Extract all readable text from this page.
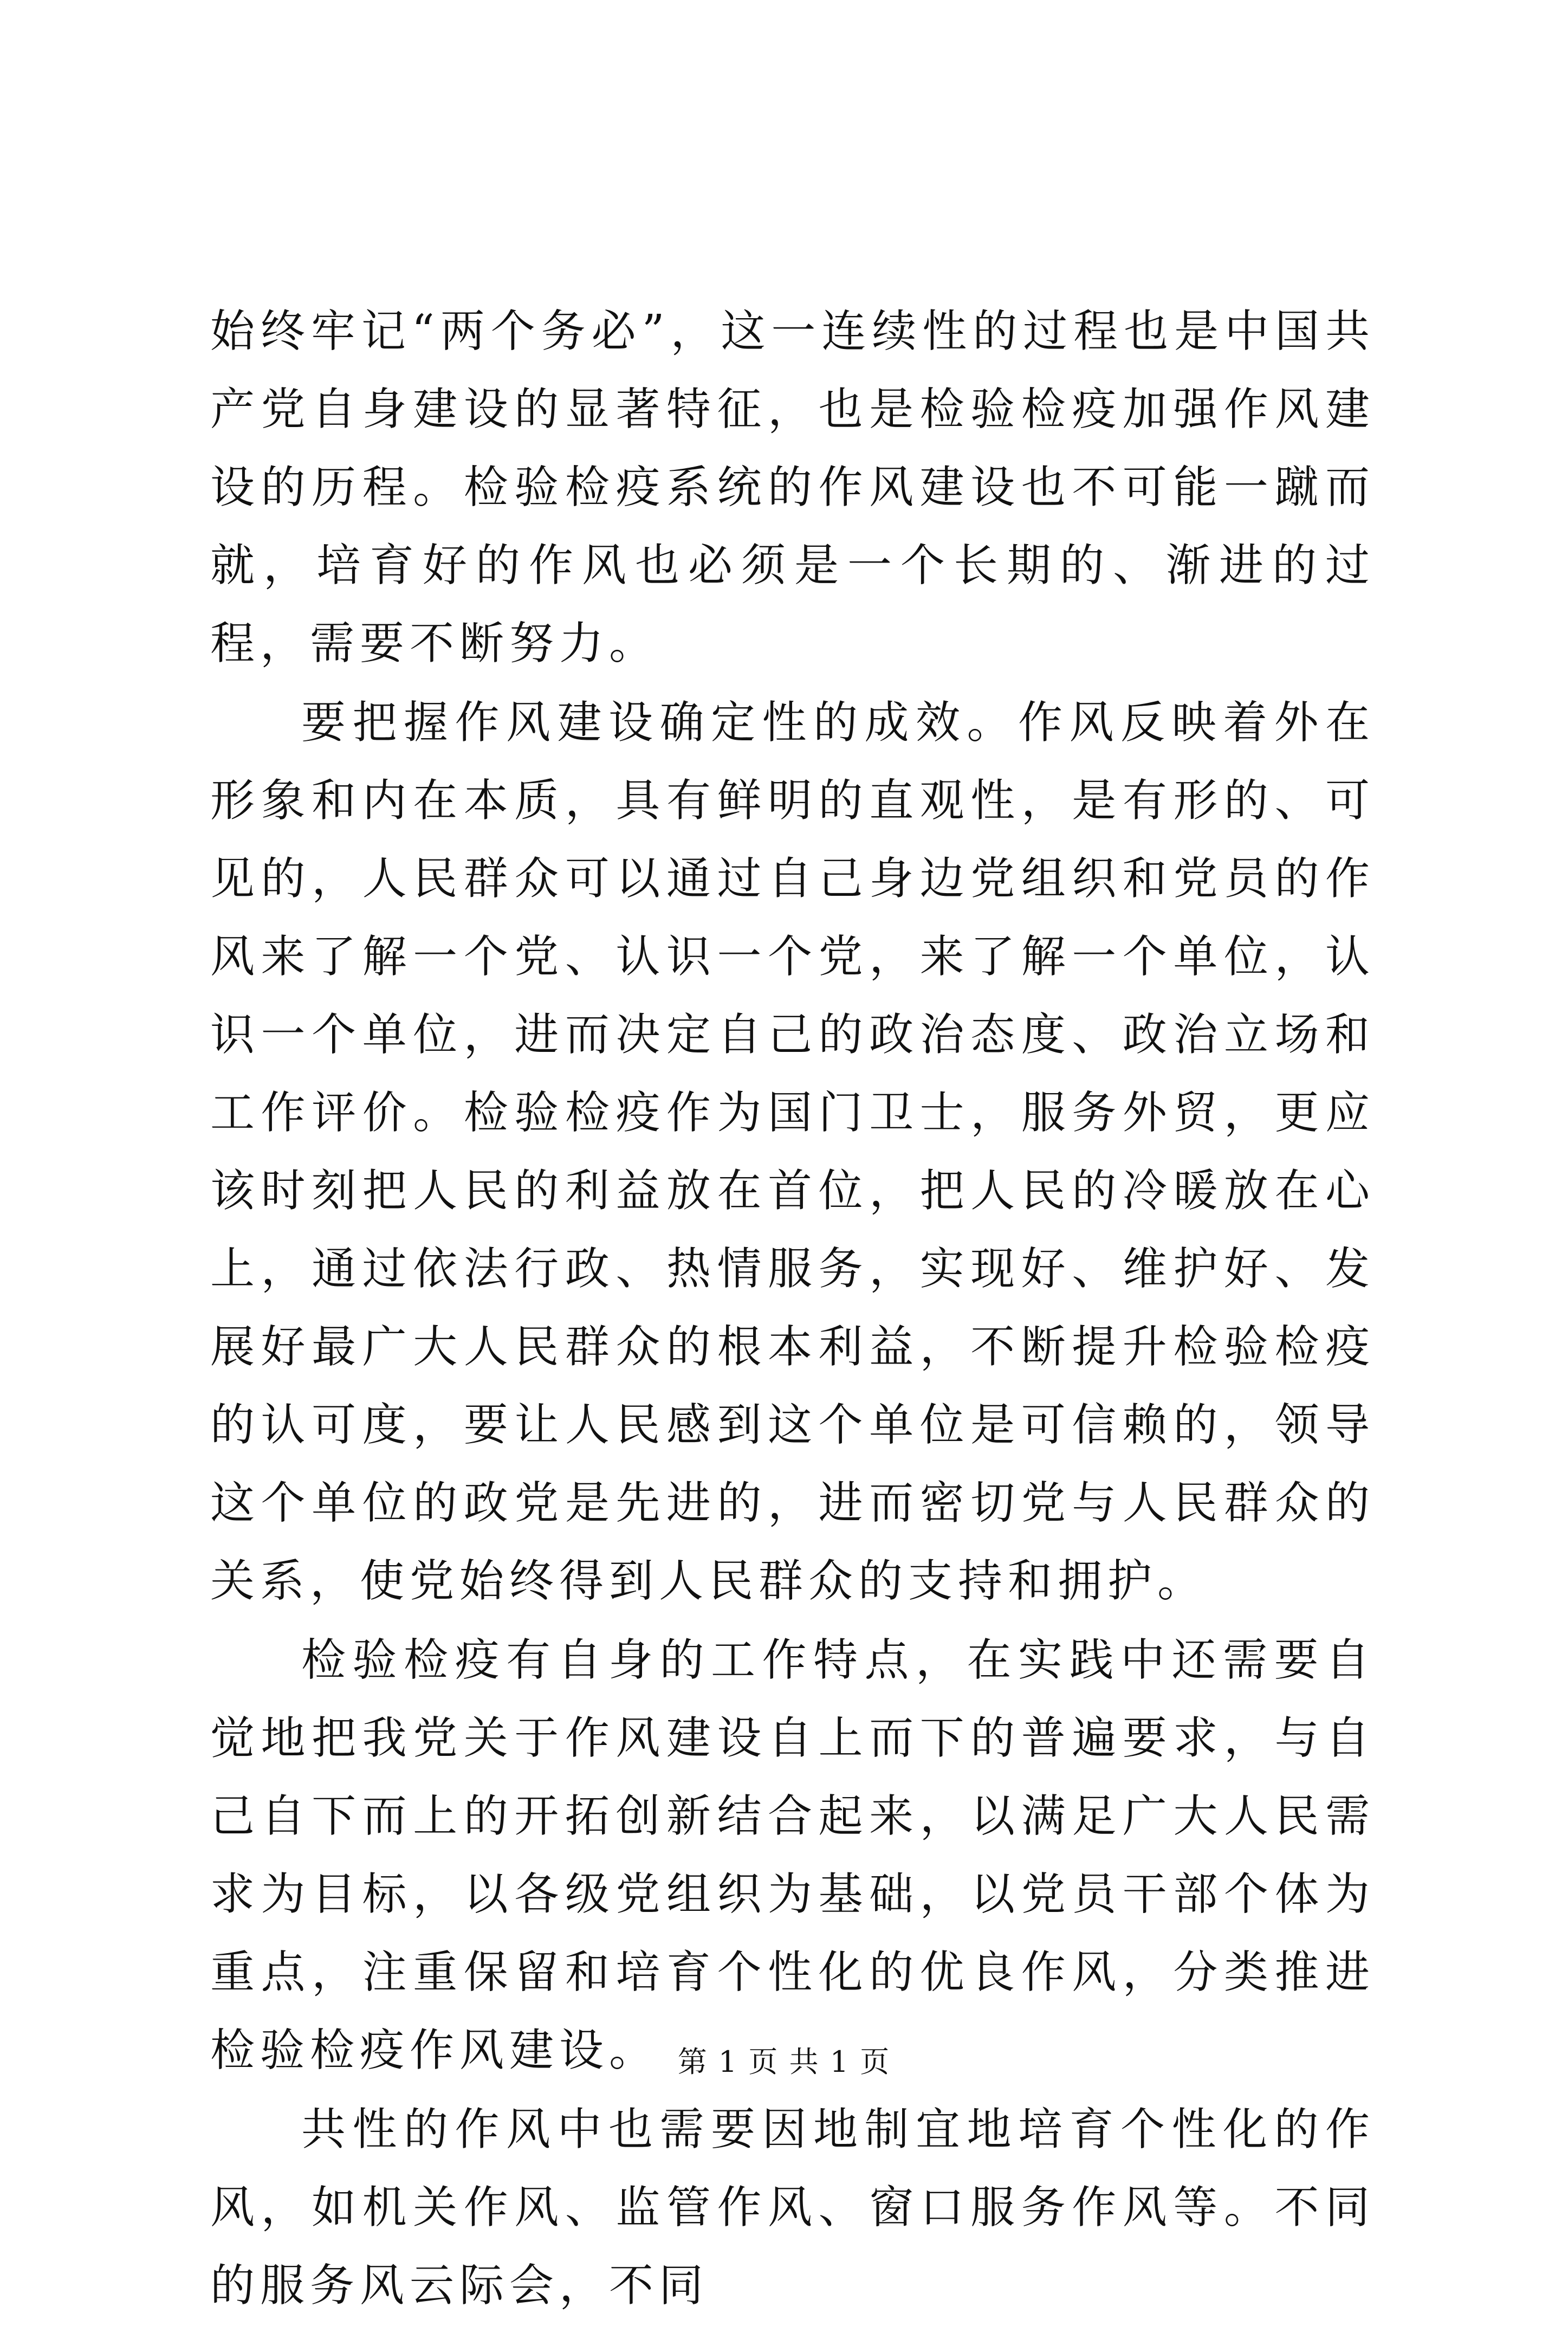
始终牢记“两个务必”，这一连续性的过程也是中国共产党自身建设的显著特征，也是检验检疫加强作风建设的历程。检验检疫系统的作风建设也不可能一蹴而就，培育好的作风也必须是一个长期的、渐进的过程，需要不断努力。

要把握作风建设确定性的成效。作风反映着外在形象和内在本质，具有鲜明的直观性，是有形的、可见的，人民群众可以通过自己身边党组织和党员的作风来了解一个党、认识一个党，来了解一个单位，认识一个单位，进而决定自己的政治态度、政治立场和工作评价。检验检疫作为国门卫士，服务外贸，更应该时刻把人民的利益放在首位，把人民的冷暖放在心上，通过依法行政、热情服务，实现好、维护好、发展好最广大人民群众的根本利益，不断提升检验检疫的认可度，要让人民感到这个单位是可信赖的，领导这个单位的政党是先进的，进而密切党与人民群众的关系，使党始终得到人民群众的支持和拥护。

检验检疫有自身的工作特点，在实践中还需要自觉地把我党关于作风建设自上而下的普遍要求，与自己自下而上的开拓创新结合起来，以满足广大人民需求为目标，以各级党组织为基础，以党员干部个体为重点，注重保留和培育个性化的优良作风，分类推进检验检疫作风建设。

共性的作风中也需要因地制宜地培育个性化的作风，如机关作风、监管作风、窗口服务作风等。不同的服务风云际会，不同

第 1 页 共 1 页
